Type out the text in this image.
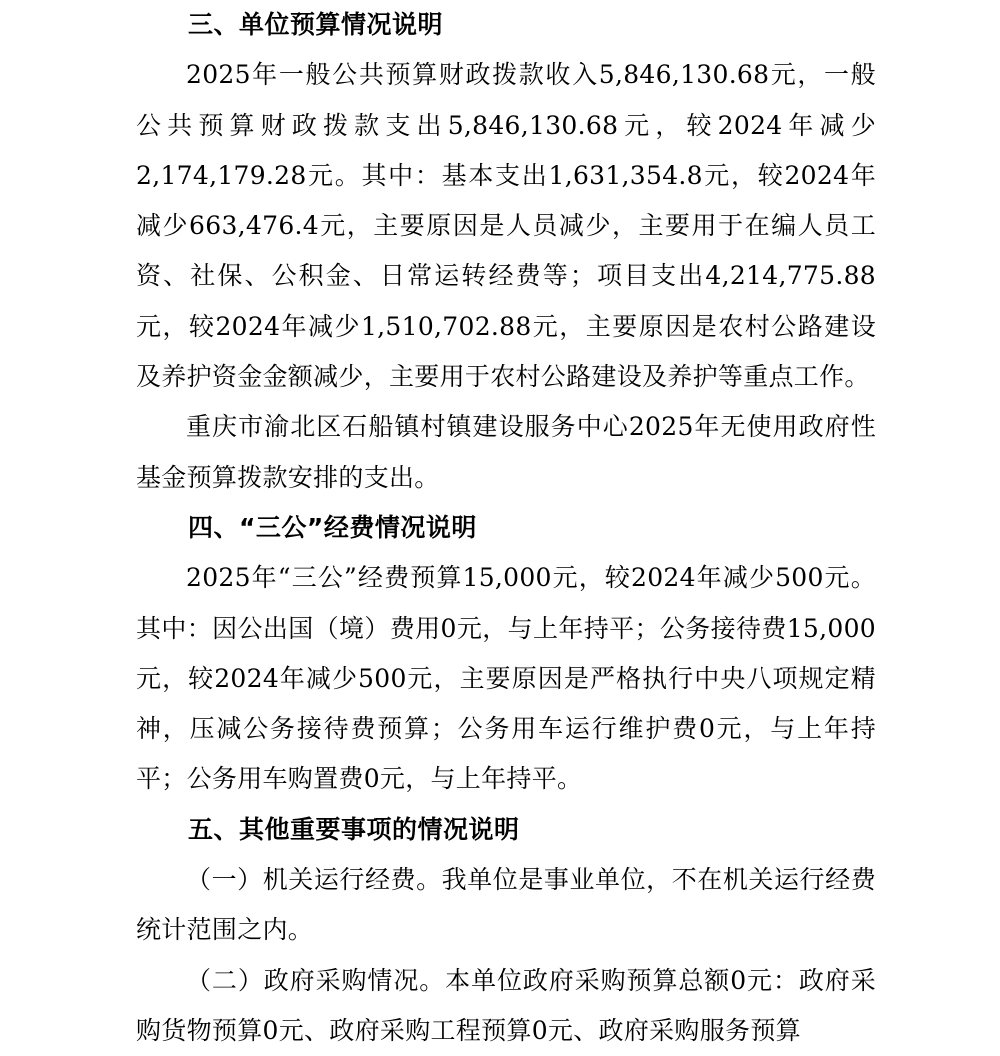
三、单位预算情况说明

2025年一般公共预算财政拨款收入5,846,130.68元，一般公共预算财政拨款支出5,846,130.68元，较2024年减少2,174,179.28元。其中：基本支出1,631,354.8元，较2024年减少663,476.4元，主要原因是人员减少，主要用于在编人员工资、社保、公积金、日常运转经费等；项目支出4,214,775.88元，较2024年减少1,510,702.88元，主要原因是农村公路建设及养护资金金额减少，主要用于农村公路建设及养护等重点工作。

重庆市渝北区石船镇村镇建设服务中心2025年无使用政府性基金预算拨款安排的支出。

四、“三公”经费情况说明

2025年“三公”经费预算15,000元，较2024年减少500元。其中：因公出国（境）费用0元，与上年持平；公务接待费15,000元，较2024年减少500元，主要原因是严格执行中央八项规定精神，压减公务接待费预算；公务用车运行维护费0元，与上年持平；公务用车购置费0元，与上年持平。

五、其他重要事项的情况说明

（一）机关运行经费。我单位是事业单位，不在机关运行经费统计范围之内。

（二）政府采购情况。本单位政府采购预算总额0元：政府采购货物预算0元、政府采购工程预算0元、政府采购服务预算
